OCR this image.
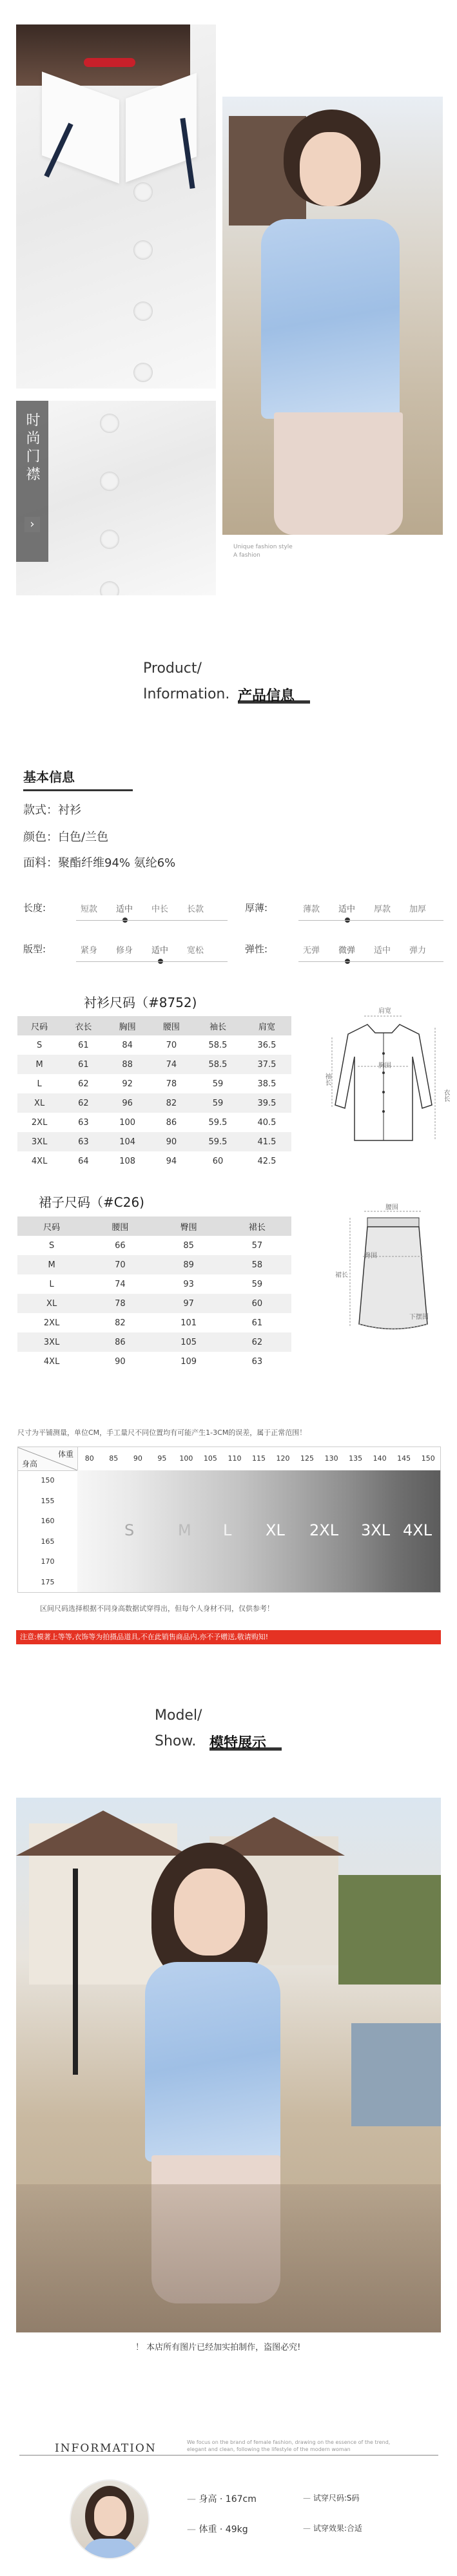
时尚门襟
›
Unique fashion style
A fashion
Product/
Information. 产品信息
基本信息
款式：衬衫
颜色：白色/兰色
面料：聚酯纤维94% 氨纶6%
长度:	短款 适中 中长 长款	厚薄:	薄款 适中 厚款 加厚
版型:	紧身 修身 适中 宽松	弹性:	无弹 微弹 适中 弹力
衬衫尺码（#8752)
尺码	衣长	胸围	腰围	袖长	肩宽
S	61	84	70	58.5	36.5
M	61	88	74	58.5	37.5
L	62	92	78	59	38.5
XL	62	96	82	59	39.5
2XL	63	100	86	59.5	40.5
3XL	63	104	90	59.5	41.5
4XL	64	108	94	60	42.5
肩宽
衣长
胸围
袖长
裙子尺码（#C26)
尺码	腰围	臀围	裙长
S	66	85	57
M	70	89	58
L	74	93	59
XL	78	97	60
2XL	82	101	61
3XL	86	105	62
4XL	90	109	63
腰围
臀围
下摆围
裙长
尺寸为平铺测量，单位CM，手工量尺不同位置均有可能产生1-3CM的误差，属于正常范围！
体重
身高
80	85	90	95	100	105	110	115	120	125	130	135	140	145	150
150
155
160
165
170
175
S	M L XL 2XL 3XL 4XL
区间尺码选择根据不同身高数据试穿得出，但每个人身材不同，仅供参考！
注意:模著上等等,衣饰等为拍摄品道具,不在此销售商品内,亦不予赠送,敬请购知!
Model/
Show. 模特展示
！ 本店所有图片已经加实拍制作，盗图必究!
INFORMATION	We focus on the brand of female fashion, drawing on the essence of the trend, elegant and clean, following the lifestyle of the modern woman
— 身高 · 167cm	— 试穿尺码:S码
— 体重 · 49kg	— 试穿效果:合适
